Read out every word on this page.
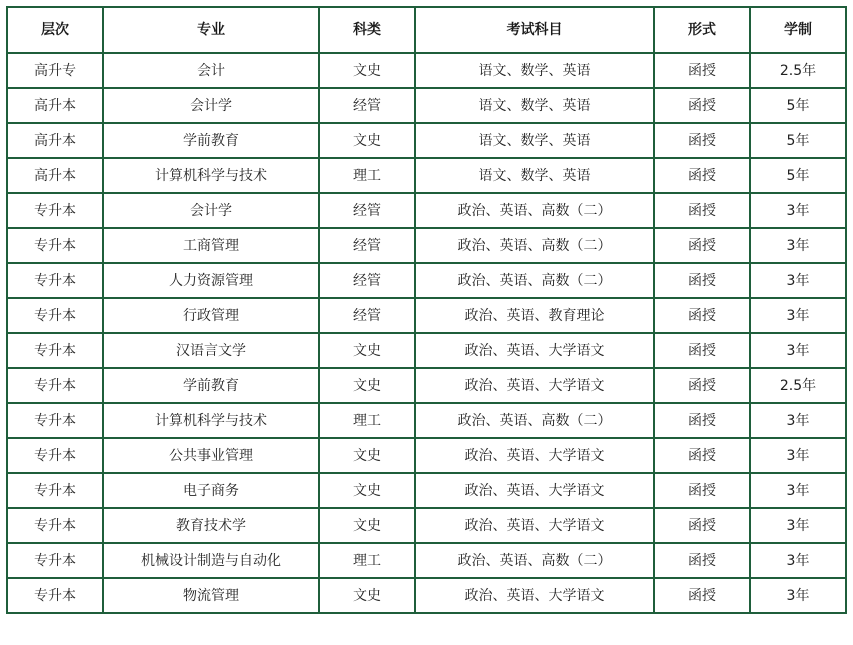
层次	专业	科类	考试科目	形式	学制
高升专	会计	文史	语文、数学、英语	函授	2.5年
高升本	会计学	经管	语文、数学、英语	函授	5年
高升本	学前教育	文史	语文、数学、英语	函授	5年
高升本	计算机科学与技术	理工	语文、数学、英语	函授	5年
专升本	会计学	经管	政治、英语、高数（二）	函授	3年
专升本	工商管理	经管	政治、英语、高数（二）	函授	3年
专升本	人力资源管理	经管	政治、英语、高数（二）	函授	3年
专升本	行政管理	经管	政治、英语、教育理论	函授	3年
专升本	汉语言文学	文史	政治、英语、大学语文	函授	3年
专升本	学前教育	文史	政治、英语、大学语文	函授	2.5年
专升本	计算机科学与技术	理工	政治、英语、高数（二）	函授	3年
专升本	公共事业管理	文史	政治、英语、大学语文	函授	3年
专升本	电子商务	文史	政治、英语、大学语文	函授	3年
专升本	教育技术学	文史	政治、英语、大学语文	函授	3年
专升本	机械设计制造与自动化	理工	政治、英语、高数（二）	函授	3年
专升本	物流管理	文史	政治、英语、大学语文	函授	3年
